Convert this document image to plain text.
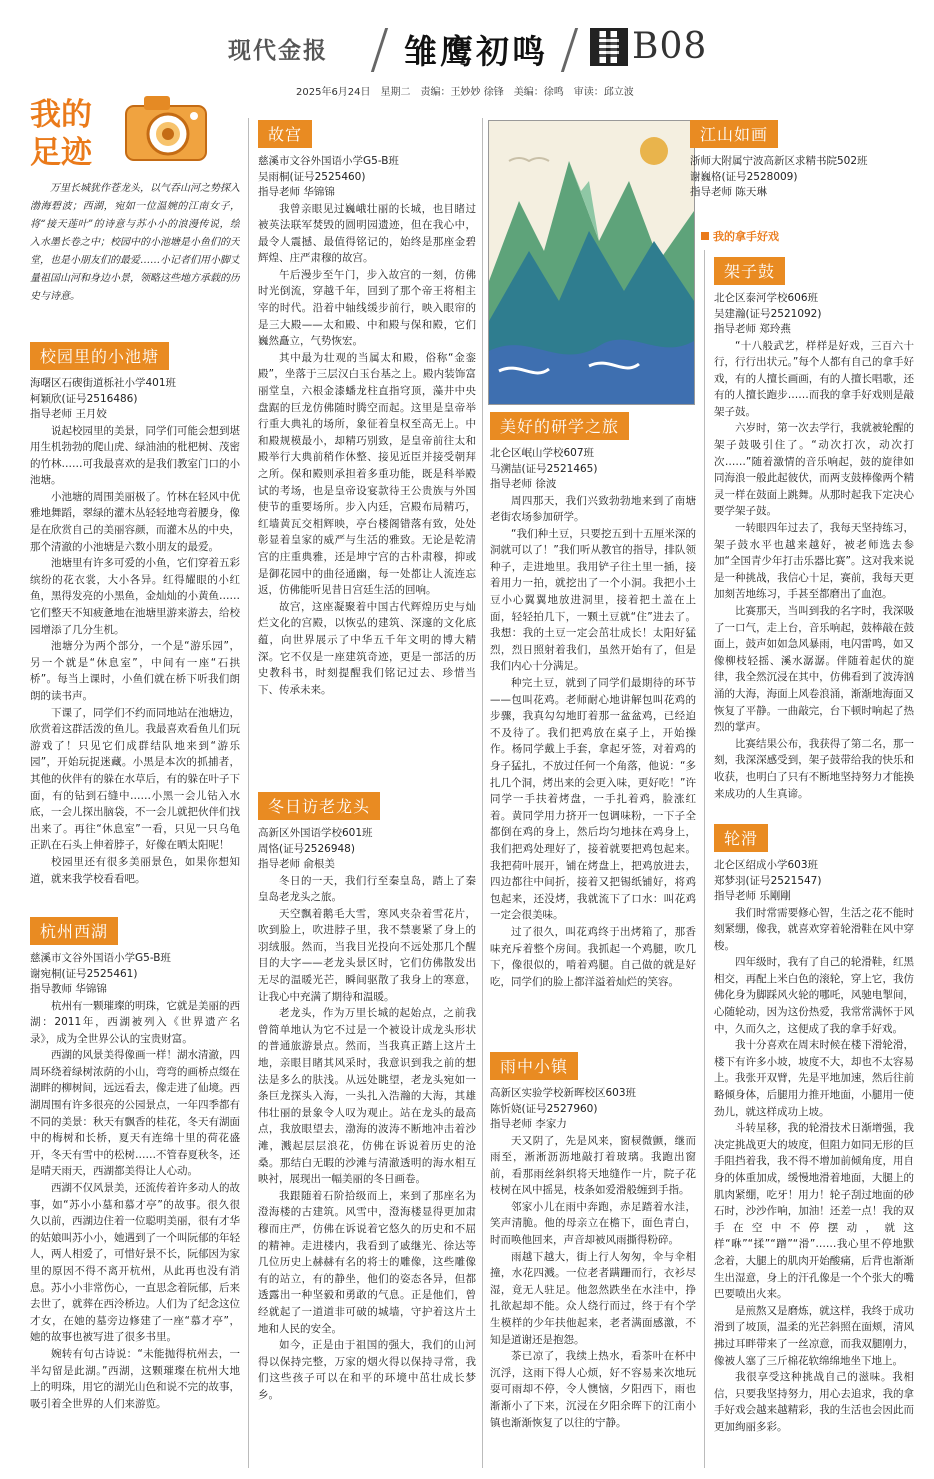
现代金报 雏鹰初鸣 B08
2025年6月24日　星期二　责编：王妙妙 徐锋　美编：徐鸣　审读：邱立波
我的
足迹

万里长城犹作苍龙头，以气吞山河之势探入渤海碧波；西湖，宛如一位温婉的江南女子，将“接天莲叶”的诗意与苏小小的浪漫传说，绘入水墨长卷之中；校园中的小池塘是小鱼们的天堂，也是小朋友们的最爱……小记者们用小脚丈量祖国山河和身边小景，领略这些地方承载的历史与诗意。

校园里的小池塘
海曙区石碶街道栎社小学401班
柯颖欣(证号2516486)
指导老师 王月姣

说起校园里的美景，同学们可能会想到堪用生机勃勃的爬山虎、绿油油的枇杷树、茂密的竹林……可我最喜欢的是我们教室门口的小池塘。

小池塘的周围美丽极了。竹林在轻风中优雅地舞蹈，翠绿的灌木丛轻轻地弯着腰身，像是在欣赏自己的美丽容颜，而灌木丛的中央，那个清澈的小池塘是六数小朋友的最爱。

池塘里有许多可爱的小鱼，它们穿着五彩缤纷的花衣裳，大小各异。红得耀眼的小红鱼，黑得发亮的小黑鱼，金灿灿的小黄鱼……它们整天不知疲惫地在池塘里游来游去，给校园增添了几分生机。

池塘分为两个部分，一个是“游乐园”，另一个就是“休息室”，中间有一座“石拱桥”。每当上课时，小鱼们就在桥下听我们朗朗的读书声。

下课了，同学们不约而同地站在池塘边，欣赏着这群活泼的鱼儿。我最喜欢看鱼儿们玩游戏了！只见它们成群结队地来到“游乐园”，开始玩捉迷藏。小黑是本次的抓捕者，其他的伙伴有的躲在水草后，有的躲在叶子下面，有的钻到石缝中……小黑一会儿钻入水底，一会儿探出脑袋，不一会儿就把伙伴们找出来了。再往“休息室”一看，只见一只乌龟正趴在石头上伸着脖子，好像在晒太阳呢！

校园里还有很多美丽景色，如果你想知道，就来我学校看看吧。

杭州西湖
慈溪市文谷外国语小学G5-B班
谢宛桐(证号2525461)
指导教师 华锦锦

杭州有一颗璀璨的明珠，它就是美丽的西湖：2011年，西湖被列入《世界遗产名录》，成为全世界公认的宝贵财富。

西湖的风景美得像画一样！湖水清澈，四周环绕着绿树浓荫的小山，弯弯的画桥点缀在湖畔的柳树间，远远看去，像走进了仙境。西湖周围有许多很亮的公园景点，一年四季都有不同的美景：秋天有飘香的桂花，冬天有湖面中的梅树和长桥，夏天有连绵十里的荷花盛开，冬天有雪中的松树……不管春夏秋冬，还是晴天雨天，西湖都美得让人心动。

西湖不仅风景美，还流传着许多动人的故事，如“苏小小墓和慕才亭”的故事。很久很久以前，西湖边住着一位聪明美丽，很有才华的姑娘叫苏小小，她遇到了一个叫阮郁的年轻人，两人相爱了，可惜好景不长，阮郁因为家里的原因不得不离开杭州，从此再也没有消息。苏小小非常伤心，一直思念着阮郁，后来去世了，就葬在西泠桥边。人们为了纪念这位才女，在她的墓旁边修建了一座“慕才亭”，她的故事也被写进了很多书里。

婉转有句古诗说：“未能抛得杭州去，一半勾留是此湖。”西湖，这颗璀璨在杭州大地上的明珠，用它的湖光山色和说不完的故事，吸引着全世界的人们来游览。

故宫
慈溪市文谷外国语小学G5-B班
吴雨桐(证号2525460)
指导老师 华锦锦

我曾亲眼见过巍峨壮丽的长城，也目睹过被英法联军焚毁的圆明园遗迹，但在我心中，最令人震撼、最值得铭记的，始终是那座金碧辉煌、庄严肃穆的故宫。

午后漫步至午门，步入故宫的一刻，仿佛时光倒流，穿越千年，回到了那个帝王将相主宰的时代。沿着中轴线缓步前行，映入眼帘的是三大殿——太和殿、中和殿与保和殿，它们巍然矗立，气势恢宏。

其中最为壮观的当属太和殿，俗称“金銮殿”，坐落于三层汉白玉台基之上。殿内装饰富丽堂皇，六根金漆蟠龙柱直指穹顶，藻井中央盘踞的巨龙仿佛随时腾空而起。这里是皇帝举行重大典礼的场所，象征着皇权至高无上。中和殿规模最小，却精巧别致，是皇帝前往太和殿举行大典前稍作休整、接见近臣并接受朝拜之所。保和殿则承担着多重功能，既是科举殿试的考场，也是皇帝设宴款待王公贵族与外国使节的重要场所。步入内廷，宫殿布局精巧，红墙黄瓦交相辉映，亭台楼阁错落有致，处处彰显着皇家的威严与生活的雅致。无论是乾清宫的庄重典雅，还是坤宁宫的古朴肃穆，抑或是御花园中的曲径通幽，每一处都让人流连忘返，仿佛能听见昔日宫廷生活的回响。

故宫，这座凝聚着中国古代辉煌历史与灿烂文化的宫殿，以恢弘的建筑、深邃的文化底蕴，向世界展示了中华五千年文明的博大精深。它不仅是一座建筑奇迹，更是一部活的历史教科书，时刻提醒我们铭记过去、珍惜当下、传承未来。

冬日访老龙头
高新区外国语学校601班
周恪(证号2526948)
指导老师 俞根美

冬日的一天，我们行至秦皇岛，踏上了秦皇岛老龙头之旅。

天空飘着鹅毛大雪，寒风夹杂着雪花片，吹到脸上，吹进脖子里，我不禁裹紧了身上的羽绒服。然而，当我目光投向不远处那几个醒目的大字——老龙头景区时，它们仿佛散发出无尽的温暖光芒，瞬间驱散了我身上的寒意，让我心中充满了期待和温暖。

老龙头，作为万里长城的起始点，之前我曾简单地认为它不过是一个被设计成龙头形状的普通旅游景点。然而，当我真正踏上这片土地，亲眼目睹其风采时，我意识到我之前的想法是多么的肤浅。从远处眺望，老龙头宛如一条巨龙探头入海，一头扎入浩瀚的大海，其雄伟壮丽的景象令人叹为观止。站在龙头的最高点，我放眼望去，渤海的波涛不断地冲击着沙滩，溅起层层浪花，仿佛在诉说着历史的沧桑。那结白无暇的沙滩与清澈透明的海水相互映衬，展现出一幅美丽的冬日画卷。

我跟随着石阶拾级而上，来到了那座名为澄海楼的古建筑。风雪中，澄海楼显得更加肃穆而庄严，仿佛在诉说着它悠久的历史和不屈的精神。走进楼内，我看到了戚继光、徐达等几位历史上赫赫有名的将士的雕像，这些雕像有的站立，有的静坐，他们的姿态各异，但都透露出一种坚毅和勇敢的气息。正是他们，曾经就起了一道道非可破的城墙，守护着这片土地和人民的安全。

如今，正是由于祖国的强大，我们的山河得以保持完整，万家的烟火得以保持寻常，我们这些孩子可以在和平的环境中茁壮成长梦乡。

美好的研学之旅
北仑区岷山学校607班
马溯喆(证号2521465)
指导老师 徐波

周四那天，我们兴致勃勃地来到了南塘老街农场参加研学。

“我们种土豆，只要挖五到十五厘米深的洞就可以了！”我们听从教官的指导，排队领种子，走进地里。我用铲子往土里一插，接着用力一拍，就挖出了一个小洞。我把小土豆小心翼翼地放进洞里，接着把土盖在上面，轻轻拍几下，一颗土豆就“住”进去了。我想：我的土豆一定会茁壮成长！太阳好猛烈，烈日照射着我们，虽然开始有了，但是我们内心十分满足。

种完土豆，就到了同学们最期待的环节——包叫花鸡。老师耐心地讲解包叫花鸡的步骤，我真勾勾地盯着那一盆盆鸡，已经迫不及待了。我们把鸡放在桌子上，开始操作。杨同学戴上手套，拿起牙签，对着鸡的身子猛扎，不放过任何一个角落，他说：“多扎几个洞，烤出来的会更入味，更好吃！”许同学一手扶着烤盘，一手扎着鸡，脸涨红着。黄同学用力挤开一包调味粉，一下子全都倒在鸡的身上，然后均匀地抹在鸡身上，我们把鸡处理好了，接着就要把鸡包起来。我把荷叶展开，铺在烤盘上，把鸡放进去，四边都往中间折，接着又把锡纸铺好，将鸡包起来，还没烤，我就流下了口水：叫花鸡一定会很美味。

过了很久，叫花鸡终于出烤箱了，那香味充斥着整个房间。我抓起一个鸡腿，吹几下，像很似的，啃着鸡腿。自己做的就是好吃，同学们的脸上都洋溢着灿烂的笑容。

雨中小镇
高新区实验学校新晖校区603班
陈忻娆(证号2527960)
指导老师 李家力

天又阴了，先是风来，窗棂微颤，继而雨至，淅淅沥沥地敲打着玻璃。我跑出窗前，看那雨丝斜织将天地缝作一片，院子花枝树在风中摇晃，枝条如爱滑般缠到手指。

邻家小儿在雨中奔跑，赤足踏着水洼，笑声清脆。他的母亲立在檐下，面色青白，时而唤他回来，声音却被风雨撕得粉碎。

雨越下越大，街上行人匆匆，伞与伞相撞，水花四溅。一位老者蹒跚而行，衣衫尽湿，竟无人驻足。他忽然跌坐在水洼中，挣扎欲起却不能。众人绕行而过，终于有个学生模样的少年扶他起来，老者满面感激，不知是道谢还是抱怨。

茶已凉了，我续上热水，看茶叶在杯中沉浮，这雨下得人心烦，好不容易来次地玩耍可雨却不停，令人懊恼，夕阳西下，雨也渐渐小了下来，沉浸在夕阳余晖下的江南小镇也渐渐恢复了以往的宁静。

江山如画
浙师大附属宁波高新区求精书院502班
谢巍格(证号2528009)
指导老师 陈天琳
我的拿手好戏
架子鼓
北仑区泰河学校606班
吴建瀚(证号2521092)
指导老师 郑玲燕

“十八般武艺，样样是好戏，三百六十行，行行出状元。”每个人都有自己的拿手好戏，有的人擅长画画，有的人擅长唱歌，还有的人擅长跑步……而我的拿手好戏则是敲架子鼓。

六岁时，第一次去学行，我就被轮醒的架子鼓吸引住了。“动次打次，动次打次……”随着激情的音乐响起，鼓的旋律如同海浪一般此起彼伏，而两支鼓棒像两个精灵一样在鼓面上跳舞。从那时起我下定决心要学架子鼓。

一转眼四年过去了，我每天坚持练习，架子鼓水平也越来越好，被老师选去参加“全国青少年打击乐器比赛”。这对我来说是一种挑战，我信心十足，赛前，我每天更加刻苦地练习，手甚至都磨出了血泡。

比赛那天，当叫到我的名字时，我深吸了一口气，走上台，音乐响起，鼓棒敲在鼓面上，鼓声如如急风暴雨，电闪雷鸣，如又像柳枝轻摇、溪水潺潺。伴随着起伏的旋律，我全然沉浸在其中，仿佛看到了波涛汹涌的大海，海面上风卷浪涌，渐渐地海面又恢复了平静。一曲敲完，台下顿时响起了热烈的掌声。

比赛结果公布，我获得了第二名，那一刻，我深深感受到，架子鼓带给我的快乐和收获，也明白了只有不断地坚持努力才能换来成功的人生真谛。

轮滑
北仑区绍成小学603班
郑梦羽(证号2521547)
指导老师 乐剛剛

我们时常需要修心智，生活之花不能时刻紧绷，像我，就喜欢穿着轮滑鞋在风中穿梭。

四年级时，我有了自己的轮滑鞋，红黑相交，再配上米白色的滚轮，穿上它，我仿佛化身为脚踩风火轮的哪吒，风驰电掣间，心随轮动，因为这份热爱，我常常满怀于风中，久而久之，这便成了我的拿手好戏。

我十分喜欢在周末时候在楼下滑轮滑，楼下有许多小坡，坡度不大，却也不太容易上。我张开双臂，先是平地加速，然后往前略倾身体，后腿用力推开地面，小腿用一使劲儿，就这样成功上坡。

斗转星移，我的轮滑技术日渐增强，我决定挑战更大的坡度，但阻力如同无形的巨手阻挡着我，我不得不增加前倾角度，用自身的体重加成，缓慢地滑着地面，大腿上的肌肉紧绷，吃牙！用力！轮子刮过地面的砂石时，沙沙作响，加油！还差一点！我的双手在空中不停摆动，就这样“咻”“揉”“蹭”“滑”……我心里不停地默念着，大腿上的肌肉开始酸痛，后背也渐渐生出湿意，身上的汗孔像是一个个张大的嘴巴要喷出火来。

是煎熬又是磨炼，就这样，我终于成功滑到了坡顶，温柔的光芒斜照在面颊，清风拂过耳畔带来了一丝凉意，而我双腿刚力，像被人塞了三斤棉花软绵绵地坐下地上。

我很享受这种挑战自己的滋味。我相信，只要我坚持努力，用心去追求，我的拿手好戏会越来越精彩，我的生活也会因此而更加绚丽多彩。
